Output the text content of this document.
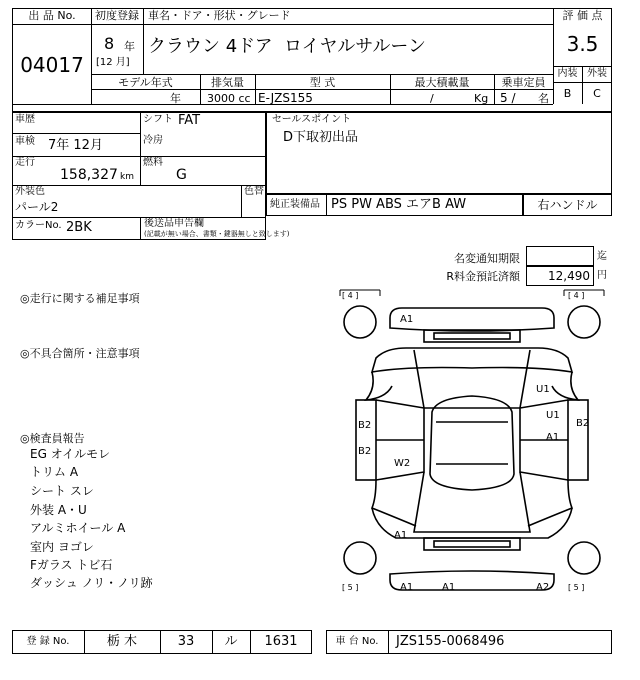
出 品 No.
04017
初度登録
8 年
[12 月]
車名・ドア・形状・グレード
クラウン 4ドア ロイヤルサルーン
評 価 点
3.5
内装 外装
B	C
モデル年式	排気量	型 式	最大積載量	乗車定員
年 3000 cc E-JZS155	/	Kg 5 / 名
車歴	シフト FAT
車検 7年 12月	冷房
走行
158,327 km
燃料
G
外装色
パール2
色替
カラーNo. 2BK	後送品申告欄
(記載が無い場合、書類・鍵器無しと致します)
セールスポイント
D下取初出品
純正装備品 PS PW ABS エアB AW	右ハンドル
名変通知期限	迄
R料金預託済額	12,490 円
◎走行に関する補足事項
◎不具合箇所・注意事項
◎検査員報告
EG オイルモレ
トリム A
シート スレ
外装 A・U
アルミホイール A
室内 ヨゴレ
Fガラス トビ石
ダッシュ ノリ・ノリ跡
[ 4 ]	[ 4 ]
[ 5 ]	[ 5 ]
A1
U1
U1
A1
B2
B2
B2
W2
A1
A1	A1	A2
登 録 No.	栃 木	33	ル	1631	車 台 No.	JZS155-0068496
